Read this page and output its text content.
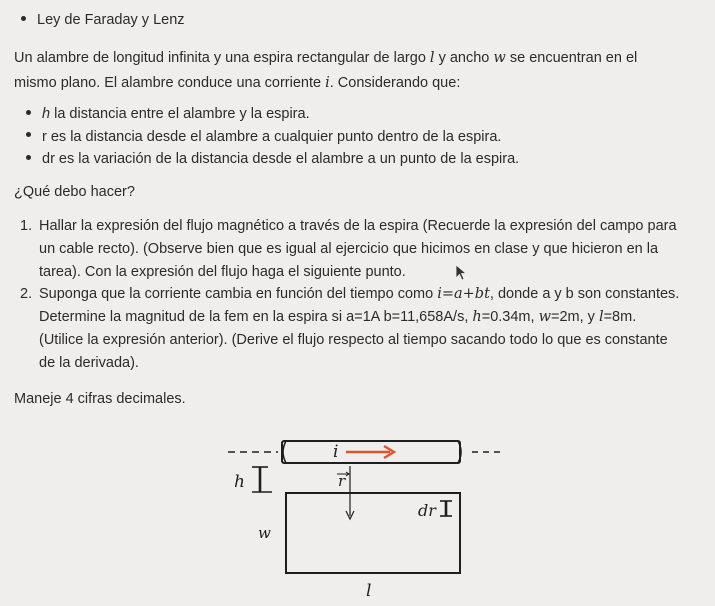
Ley de Faraday y Lenz
Un alambre de longitud infinita y una espira rectangular de largo l y ancho w se encuentran en el
mismo plano. El alambre conduce una corriente i. Considerando que:
h la distancia entre el alambre y la espira.
r es la distancia desde el alambre a cualquier punto dentro de la espira.
dr es la variación de la distancia desde el alambre a un punto de la espira.
¿Qué debo hacer?
1. Hallar la expresión del flujo magnético a través de la espira (Recuerde la expresión del campo para
un cable recto). (Observe bien que es igual al ejercicio que hicimos en clase y que hicieron en la
tarea). Con la expresión del flujo haga el siguiente punto.
2. Suponga que la corriente cambia en función del tiempo como i=a+bt, donde a y b son constantes.
Determine la magnitud de la fem en la espira si a=1A b=11,658A/s, h=0.34m, w=2m, y l=8m.
(Utilice la expresión anterior). (Derive el flujo respecto al tiempo sacando todo lo que es constante
de la derivada).
Maneje 4 cifras decimales.
i
r
h
w
dr
l
